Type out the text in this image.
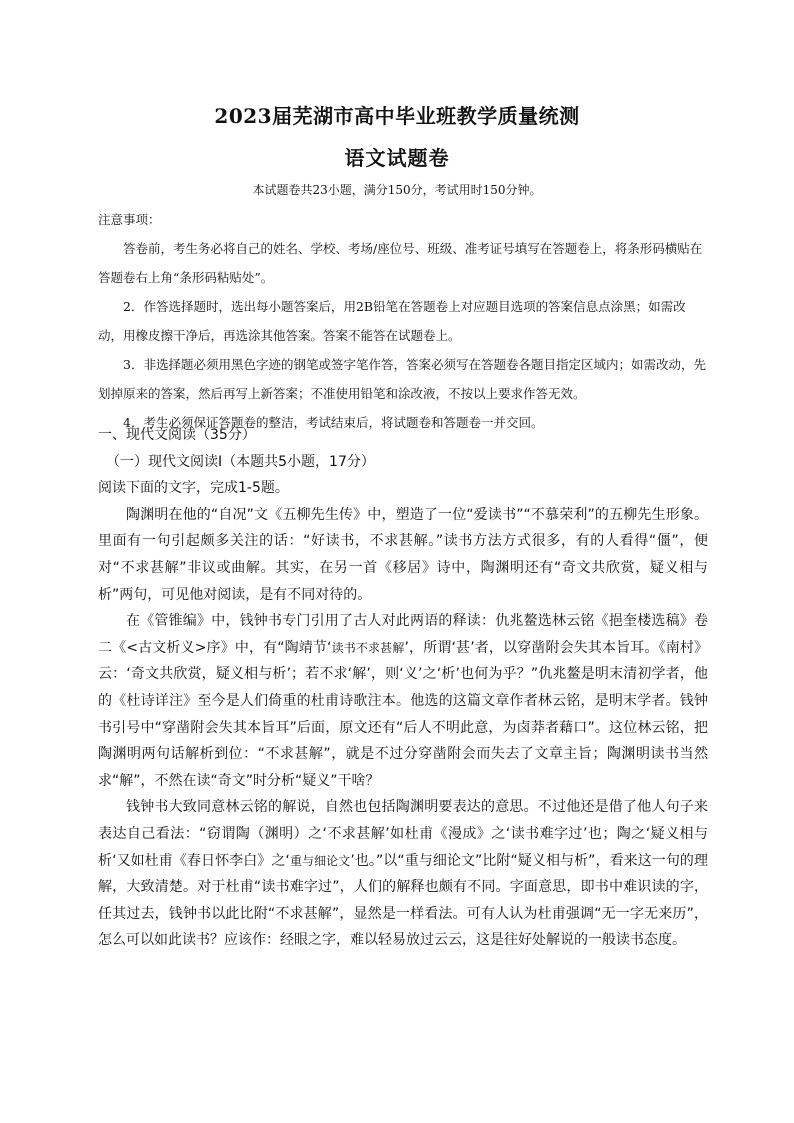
2023届芜湖市高中毕业班教学质量统测
语文试题卷
本试题卷共23小题，满分150分，考试用时150分钟。

注意事项：

答卷前，考生务必将自己的姓名、学校、考场/座位号、班级、准考证号填写在答题卷上，将条形码横贴在答题卷右上角“条形码粘贴处”。

2．作答选择题时，选出每小题答案后，用2B铅笔在答题卷上对应题目选项的答案信息点涂黑；如需改动，用橡皮擦干净后，再选涂其他答案。答案不能答在试题卷上。

3．非选择题必须用黑色字迹的钢笔或签字笔作答，答案必须写在答题卷各题目指定区域内；如需改动，先划掉原来的答案，然后再写上新答案；不准使用铅笔和涂改液，不按以上要求作答无效。

4．考生必须保证答题卷的整洁，考试结束后，将试题卷和答题卷一并交回。

一、现代文阅读（35分）

（一）现代文阅读I（本题共5小题，17分）

阅读下面的文字，完成1-5题。

陶渊明在他的“自况”文《五柳先生传》中，塑造了一位“爱读书”“不慕荣利”的五柳先生形象。里面有一句引起颇多关注的话：“好读书，不求甚解。”读书方法方式很多，有的人看得“僵”，便对“不求甚解”非议或曲解。其实，在另一首《移居》诗中，陶渊明还有“奇文共欣赏，疑义相与析”两句，可见他对阅读，是有不同对待的。

在《管锥编》中，钱钟书专门引用了古人对此两语的释读：仇兆鳌选林云铭《挹奎楼选稿》卷二《<古文析义>序》中，有“陶靖节‘读书不求甚解’，所谓‘甚’者，以穿凿附会失其本旨耳。《南村》云：‘奇文共欣赏，疑义相与析’；若不求‘解’，则‘义’之‘析’也何为乎？”仇兆鳌是明末清初学者，他的《杜诗详注》至今是人们倚重的杜甫诗歌注本。他选的这篇文章作者林云铭，是明末学者。钱钟书引号中“穿凿附会失其本旨耳”后面，原文还有“后人不明此意，为卤莽者藉口”。这位林云铭，把陶渊明两句话解析到位：“不求甚解”，就是不过分穿凿附会而失去了文章主旨；陶渊明读书当然求“解”，不然在读“奇文”时分析“疑义”干啥？

钱钟书大致同意林云铭的解说，自然也包括陶渊明要表达的意思。不过他还是借了他人句子来表达自己看法：“窃谓陶（渊明）之‘不求甚解’如杜甫《漫成》之‘读书难字过’也；陶之‘疑义相与析‘又如杜甫《春日怀李白》之‘重与细论文’也。”以“重与细论文”比附“疑义相与析”，看来这一句的理解，大致清楚。对于杜甫“读书难字过”，人们的解释也颇有不同。字面意思，即书中难识读的字，任其过去，钱钟书以此比附“不求甚解”，显然是一样看法。可有人认为杜甫强调“无一字无来历”，怎么可以如此读书？应该作：经眼之字，难以轻易放过云云，这是往好处解说的一般读书态度。
